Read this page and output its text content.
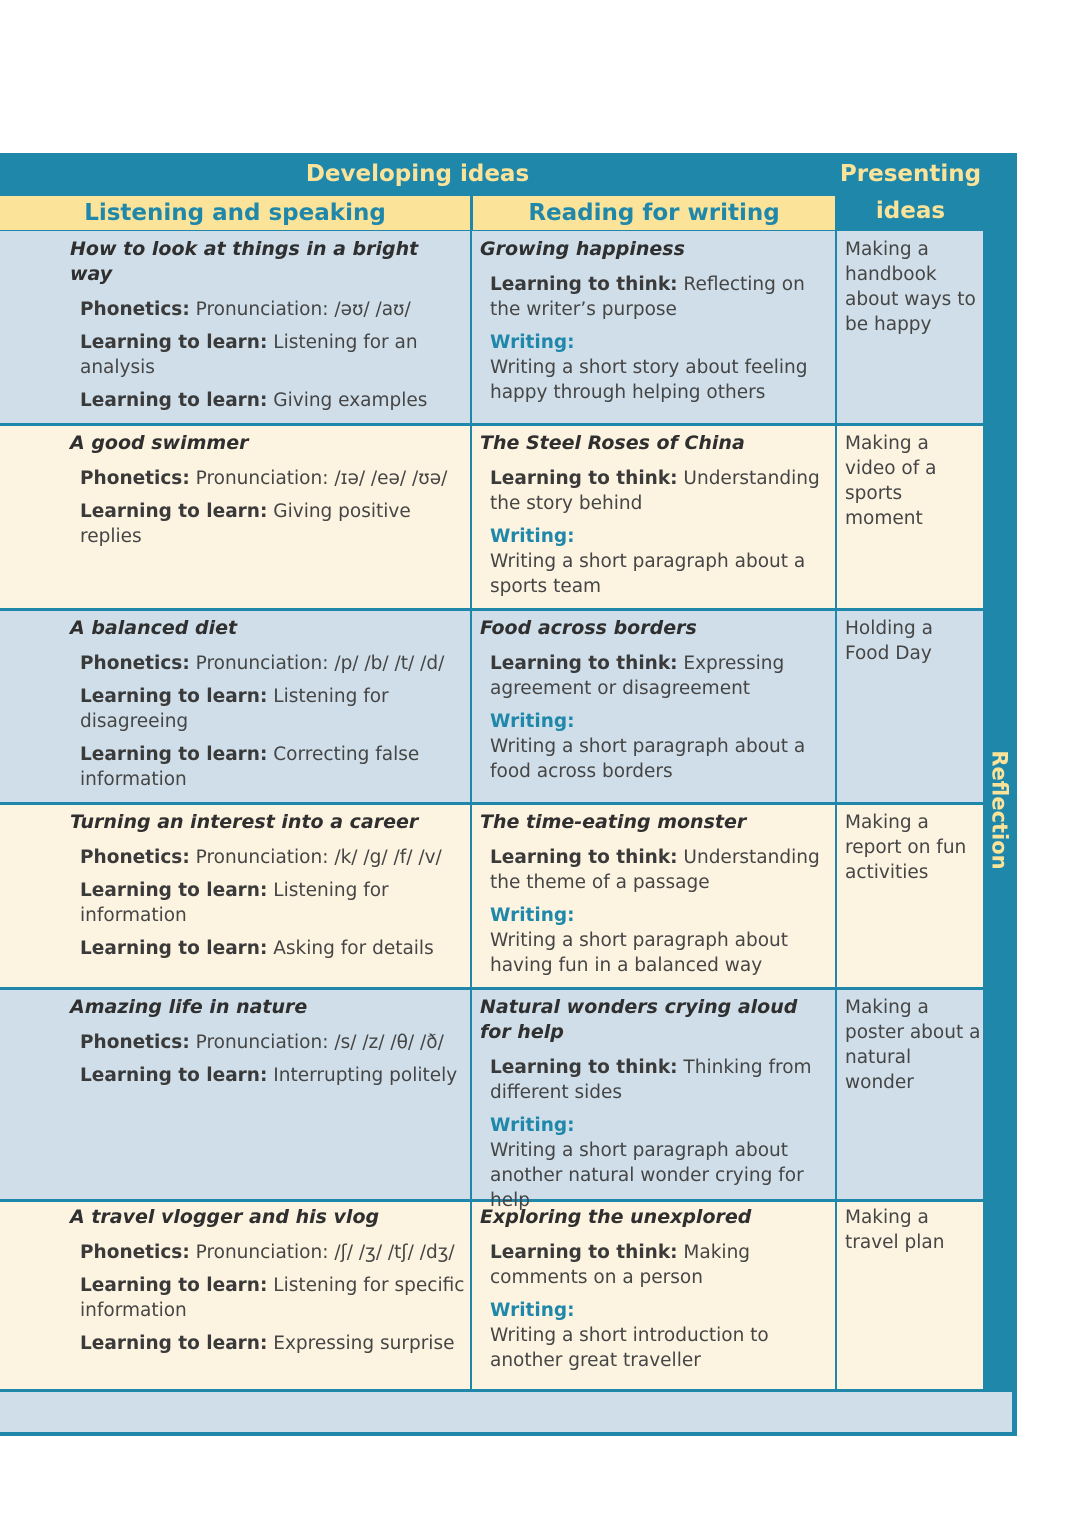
Developing ideas	Presenting
ideas
Listening and speaking	Reading for writing
Reflection
How to look at things in a bright way
Phonetics: Pronunciation: /əʊ/ /aʊ/
Learning to learn: Listening for an analysis
Learning to learn: Giving examples
Growing happiness
Learning to think: Reflecting on the writer’s purpose
Writing:
Writing a short story about feeling happy through helping others
Making a handbook about ways to be happy
A good swimmer
Phonetics: Pronunciation: /ɪə/ /eə/ /ʊə/
Learning to learn: Giving positive replies
The Steel Roses of China
Learning to think: Understanding the story behind
Writing:
Writing a short paragraph about a sports team
Making a video of a sports moment
A balanced diet
Phonetics: Pronunciation: /p/ /b/ /t/ /d/
Learning to learn: Listening for disagreeing
Learning to learn: Correcting false information
Food across borders
Learning to think: Expressing agreement or disagreement
Writing:
Writing a short paragraph about a food across borders
Holding a Food Day
Turning an interest into a career
Phonetics: Pronunciation: /k/ /g/ /f/ /v/
Learning to learn: Listening for information
Learning to learn: Asking for details
The time-eating monster
Learning to think: Understanding the theme of a passage
Writing:
Writing a short paragraph about having fun in a balanced way
Making a report on fun activities
Amazing life in nature
Phonetics: Pronunciation: /s/ /z/ /θ/ /ð/
Learning to learn: Interrupting politely
Natural wonders crying aloud for help
Learning to think: Thinking from different sides
Writing:
Writing a short paragraph about another natural wonder crying for help
Making a poster about a natural wonder
A travel vlogger and his vlog
Phonetics: Pronunciation: /ʃ/ /ʒ/ /tʃ/ /dʒ/
Learning to learn: Listening for specific information
Learning to learn: Expressing surprise
Exploring the unexplored
Learning to think: Making comments on a person
Writing:
Writing a short introduction to another great traveller
Making a travel plan
